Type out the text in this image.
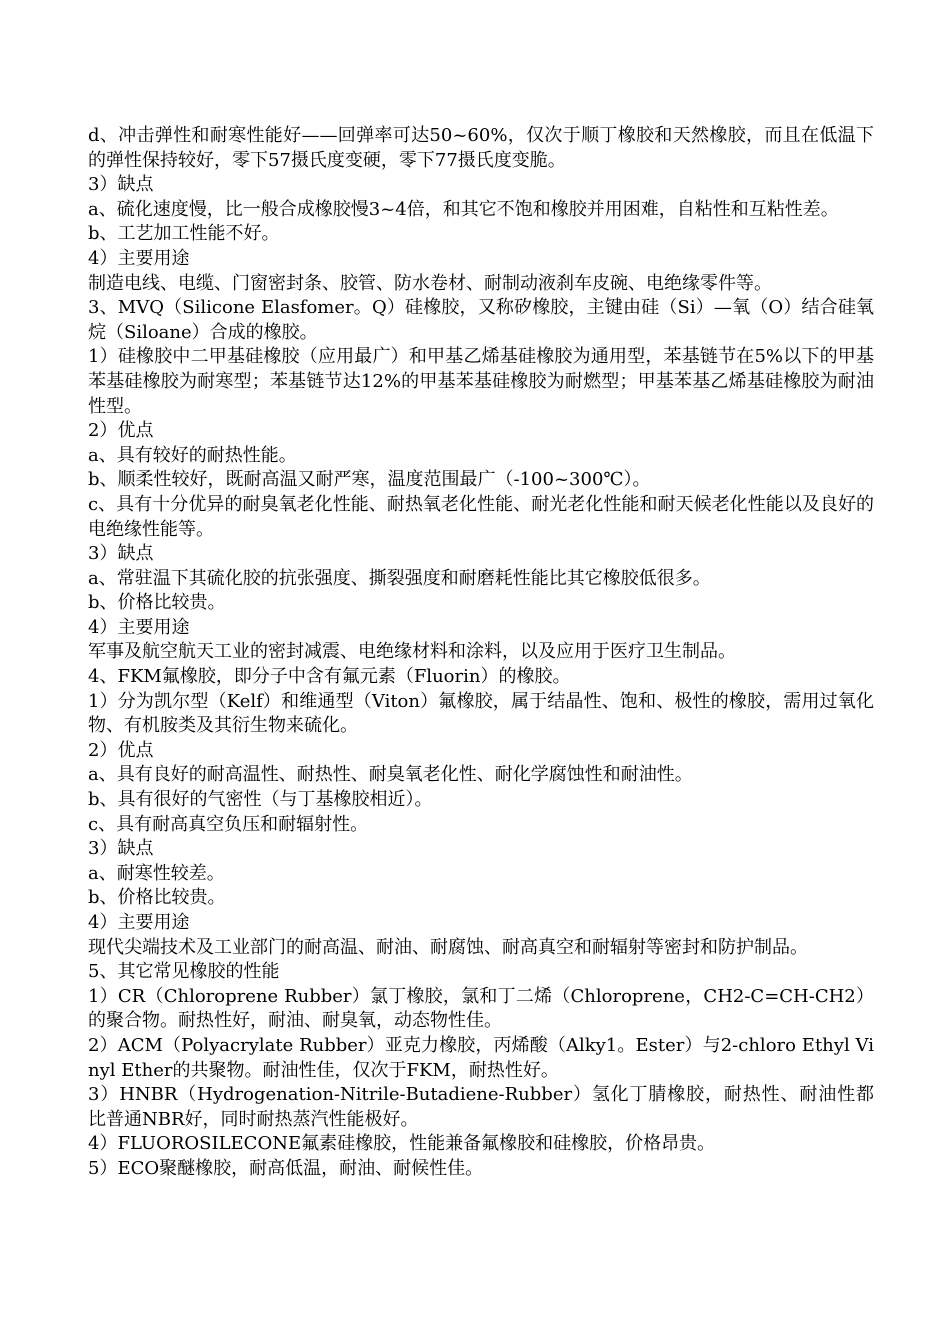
d、冲击弹性和耐寒性能好——回弹率可达50~60%，仅次于顺丁橡胶和天然橡胶，而且在低温下的弹性保持较好，零下57摄氏度变硬，零下77摄氏度变脆。

3）缺点

a、硫化速度慢，比一般合成橡胶慢3~4倍，和其它不饱和橡胶并用困难，自粘性和互粘性差。

b、工艺加工性能不好。

4）主要用途

制造电线、电缆、门窗密封条、胶管、防水卷材、耐制动液刹车皮碗、电绝缘零件等。

3、MVQ（Silicone Elasfomer。Q）硅橡胶，又称矽橡胶，主键由硅（Si）—氧（O）结合硅氧烷（Siloane）合成的橡胶。

1）硅橡胶中二甲基硅橡胶（应用最广）和甲基乙烯基硅橡胶为通用型，苯基链节在5%以下的甲基苯基硅橡胶为耐寒型；苯基链节达12%的甲基苯基硅橡胶为耐燃型；甲基苯基乙烯基硅橡胶为耐油性型。

2）优点

a、具有较好的耐热性能。

b、顺柔性较好，既耐高温又耐严寒，温度范围最广（-100~300℃）。

c、具有十分优异的耐臭氧老化性能、耐热氧老化性能、耐光老化性能和耐天候老化性能以及良好的电绝缘性能等。

3）缺点

a、常驻温下其硫化胶的抗张强度、撕裂强度和耐磨耗性能比其它橡胶低很多。

b、价格比较贵。

4）主要用途

军事及航空航天工业的密封减震、电绝缘材料和涂料，以及应用于医疗卫生制品。

4、FKM氟橡胶，即分子中含有氟元素（Fluorin）的橡胶。

1）分为凯尔型（Kelf）和维通型（Viton）氟橡胶，属于结晶性、饱和、极性的橡胶，需用过氧化物、有机胺类及其衍生物来硫化。

2）优点

a、具有良好的耐高温性、耐热性、耐臭氧老化性、耐化学腐蚀性和耐油性。

b、具有很好的气密性（与丁基橡胶相近）。

c、具有耐高真空负压和耐辐射性。

3）缺点

a、耐寒性较差。

b、价格比较贵。

4）主要用途

现代尖端技术及工业部门的耐高温、耐油、耐腐蚀、耐高真空和耐辐射等密封和防护制品。

5、其它常见橡胶的性能

1）CR（Chloroprene Rubber）氯丁橡胶，氯和丁二烯（Chloroprene，CH2-C=CH-CH2）的聚合物。耐热性好，耐油、耐臭氧，动态物性佳。

2）ACM（Polyacrylate Rubber）亚克力橡胶，丙烯酸（Alky1。Ester）与2-chloro Ethyl Vinyl Ether的共聚物。耐油性佳，仅次于FKM，耐热性好。

3）HNBR（Hydrogenation-Nitrile-Butadiene-Rubber）氢化丁腈橡胶，耐热性、耐油性都比普通NBR好，同时耐热蒸汽性能极好。

4）FLUOROSILECONE氟素硅橡胶，性能兼备氟橡胶和硅橡胶，价格昂贵。

5）ECO聚醚橡胶，耐高低温，耐油、耐候性佳。
